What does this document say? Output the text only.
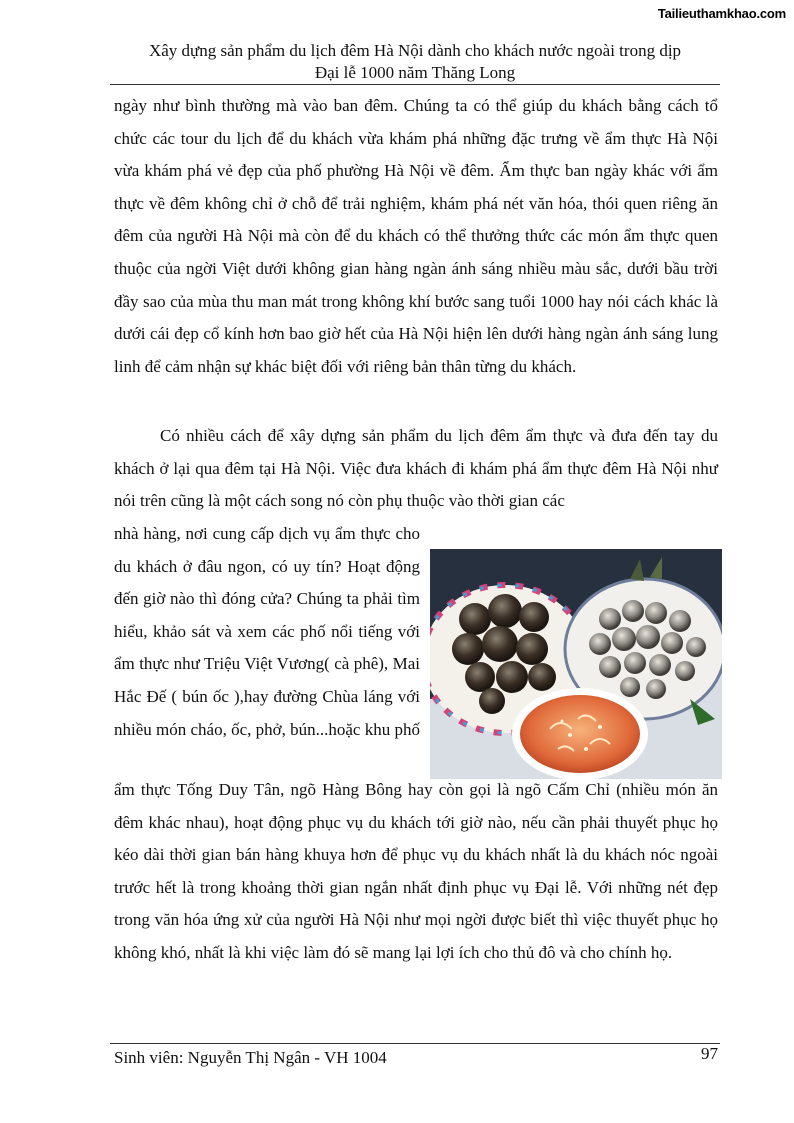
Tailieuthamkhao.com
Xây dựng sản phẩm du lịch đêm Hà Nội dành cho khách nước ngoài trong dịp
Đại lễ 1000 năm Thăng Long

ngày như bình thường mà vào ban đêm. Chúng ta có thể giúp du khách bằng cách tổ chức các tour du lịch để du khách vừa khám phá những đặc trưng về ẩm thực Hà Nội vừa khám phá vẻ đẹp của phố phường Hà Nội về đêm. Ẩm thực ban ngày khác với ẩm thực về đêm không chỉ ở chỗ để trải nghiệm, khám phá nét văn hóa, thói quen riêng ăn đêm của người Hà Nội mà còn để du khách có thể thưởng thức các món ẩm thực quen thuộc của ngời Việt dưới không gian hàng ngàn ánh sáng nhiều màu sắc, dưới bầu trời đầy sao của mùa thu man mát trong không khí bước sang tuổi 1000 hay nói cách khác là dưới cái đẹp cổ kính hơn bao giờ hết của Hà Nội hiện lên dưới hàng ngàn ánh sáng lung linh để cảm nhận sự khác biệt đối với riêng bản thân từng du khách.

Có nhiều cách để xây dựng sản phẩm du lịch đêm ẩm thực và đưa đến tay du khách ở lại qua đêm tại Hà Nội. Việc đưa khách đi khám phá ẩm thực đêm Hà Nội như nói trên cũng là một cách song nó còn phụ thuộc vào thời gian các

nhà hàng, nơi cung cấp dịch vụ ẩm thực cho du khách ở đâu ngon, có uy tín? Hoạt động đến giờ nào thì đóng cửa? Chúng ta phải tìm hiểu, khảo sát và xem các phố nổi tiếng với ẩm thực như Triệu Việt Vương( cà phê), Mai Hắc Đế ( bún ốc ),hay đường Chùa láng với nhiều món cháo, ốc, phở, bún...hoặc khu phố

ẩm thực Tống Duy Tân, ngõ Hàng Bông hay còn gọi là ngõ Cấm Chỉ (nhiều món ăn đêm khác nhau), hoạt động phục vụ du khách tới giờ nào, nếu cần phải thuyết phục họ kéo dài thời gian bán hàng khuya hơn để phục vụ du khách nhất là du khách nóc ngoài trước hết là trong khoảng thời gian ngắn nhất định phục vụ Đại lễ. Với những nét đẹp trong văn hóa ứng xử của người Hà Nội như mọi ngời được biết thì việc thuyết phục họ không khó, nhất là khi việc làm đó sẽ mang lại lợi ích cho thủ đô và cho chính họ.

Sinh viên: Nguyễn Thị Ngân - VH 1004	97
